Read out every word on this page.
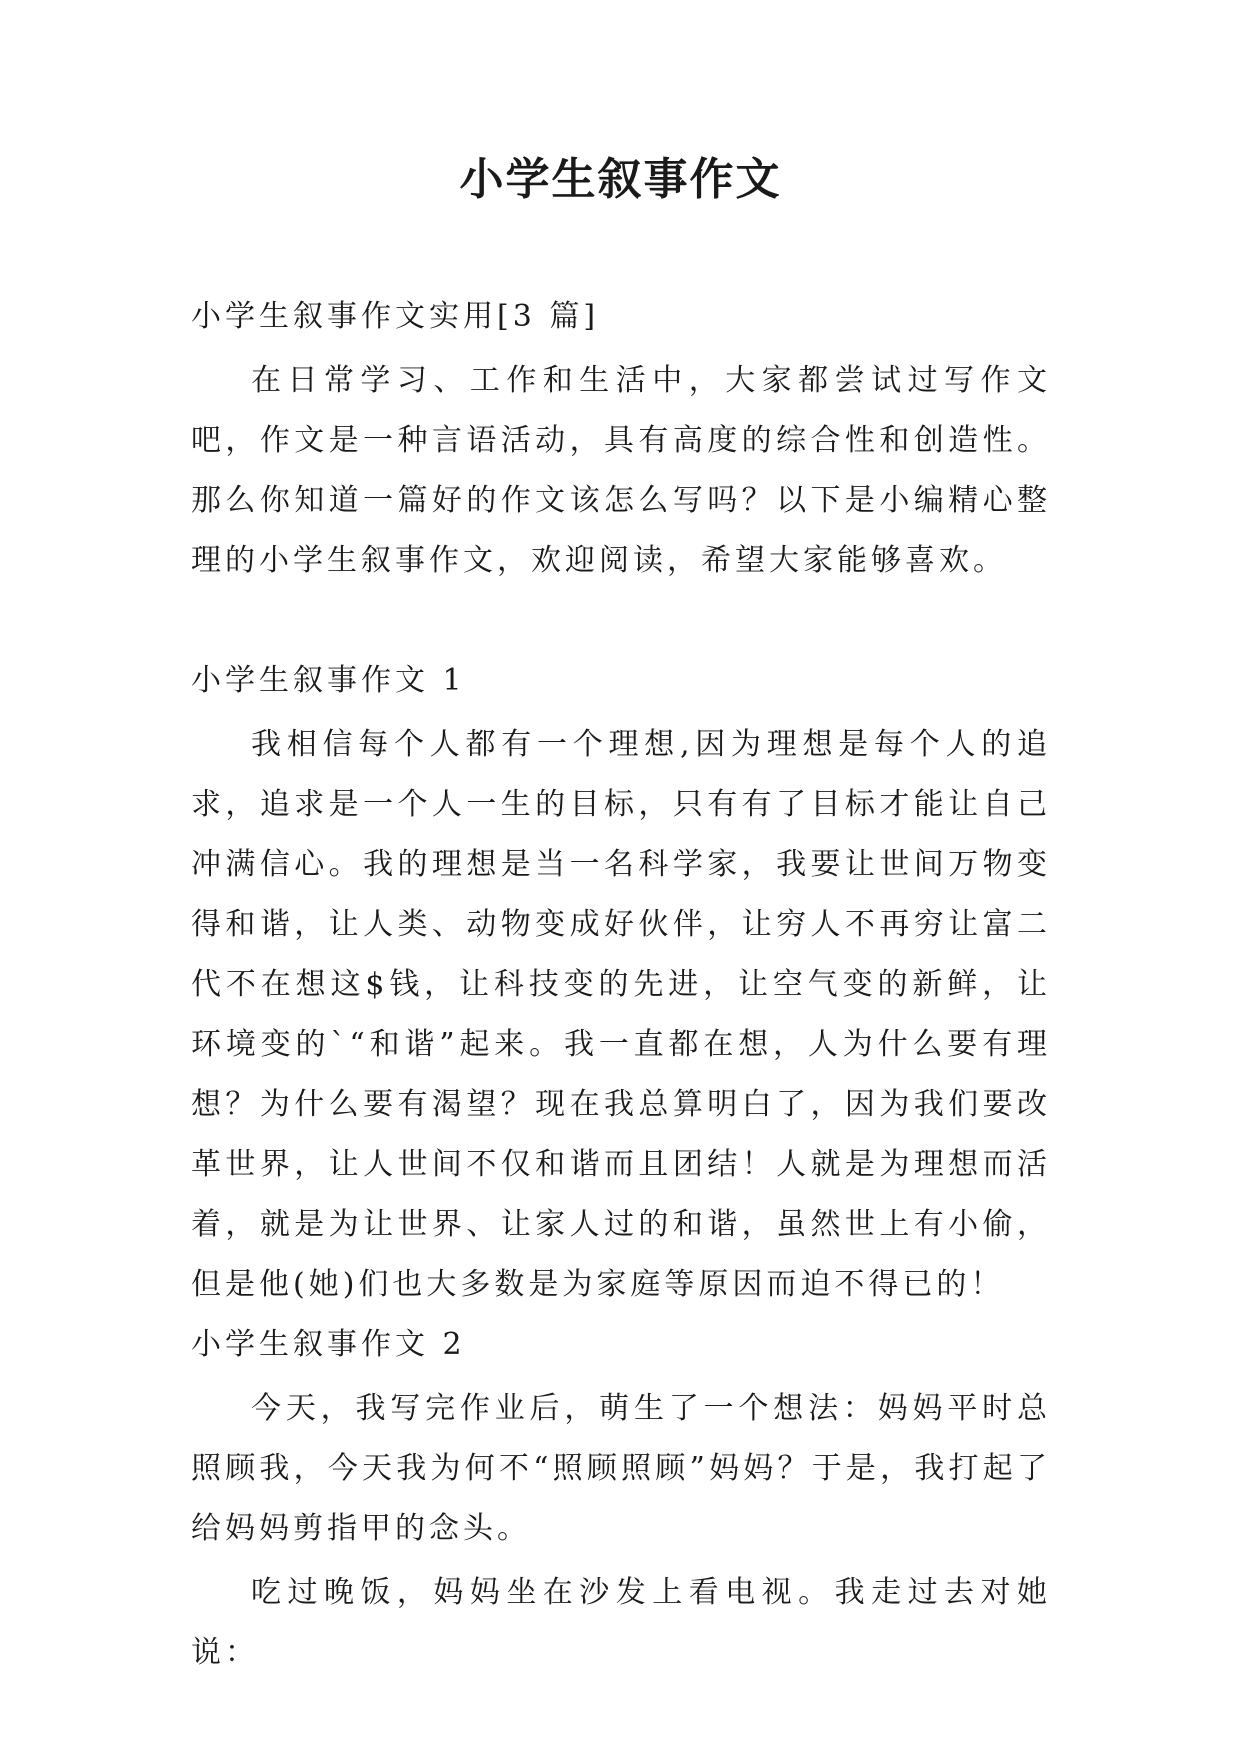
小学生叙事作文

小学生叙事作文实用[3 篇]

在日常学习、工作和生活中，大家都尝试过写作文吧，作文是一种言语活动，具有高度的综合性和创造性。那么你知道一篇好的作文该怎么写吗？以下是小编精心整理的小学生叙事作文，欢迎阅读，希望大家能够喜欢。

小学生叙事作文 1

我相信每个人都有一个理想,因为理想是每个人的追求，追求是一个人一生的目标，只有有了目标才能让自己冲满信心。我的理想是当一名科学家，我要让世间万物变得和谐，让人类、动物变成好伙伴，让穷人不再穷让富二代不在想这$钱，让科技变的先进，让空气变的新鲜，让环境变的`“和谐”起来。我一直都在想，人为什么要有理想？为什么要有渴望？现在我总算明白了，因为我们要改革世界，让人世间不仅和谐而且团结！人就是为理想而活着，就是为让世界、让家人过的和谐，虽然世上有小偷，但是他(她)们也大多数是为家庭等原因而迫不得已的！

小学生叙事作文 2

今天，我写完作业后，萌生了一个想法：妈妈平时总照顾我，今天我为何不“照顾照顾”妈妈？于是，我打起了给妈妈剪指甲的念头。

吃过晚饭，妈妈坐在沙发上看电视。我走过去对她说：
